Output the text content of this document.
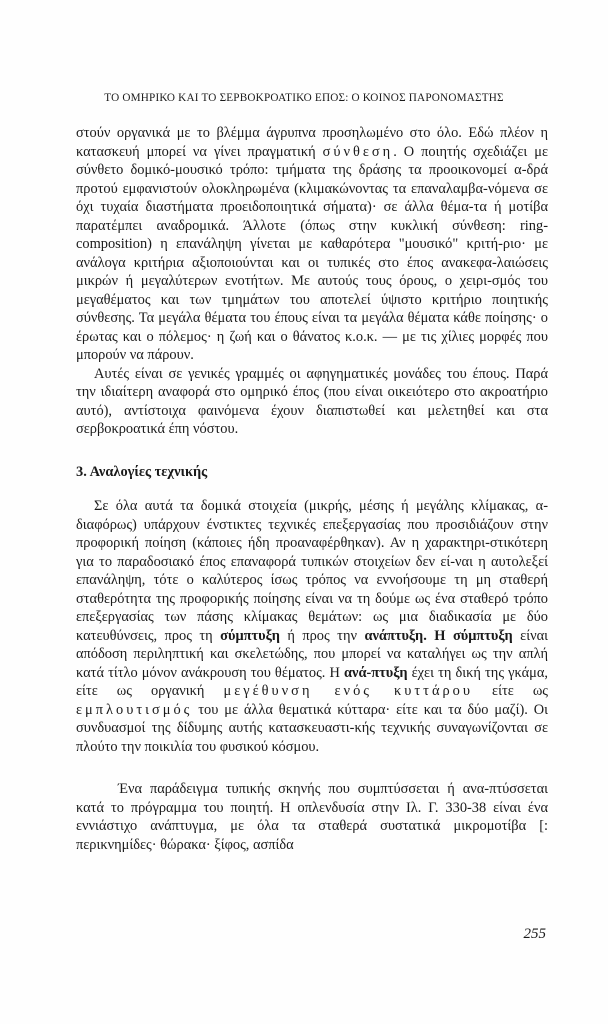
ΤΟ ΟΜΗΡΙΚΟ ΚΑΙ ΤΟ ΣΕΡΒΟΚΡΟΑΤΙΚΟ ΕΠΟΣ: Ο ΚΟΙΝΟΣ ΠΑΡΟΝΟΜΑΣΤΗΣ

στούν οργανικά με το βλέμμα άγρυπνα προσηλωμένο στο όλο. Εδώ πλέον η κατασκευή μπορεί να γίνει πραγματική σύνθεση. Ο ποιητής σχεδιάζει με σύνθετο δομικό-μουσικό τρόπο: τμήματα της δράσης τα προοικονομεί α-δρά προτού εμφανιστούν ολοκληρωμένα (κλιμακώνοντας τα επαναλαμβα-νόμενα σε όχι τυχαία διαστήματα προειδοποιητικά σήματα)· σε άλλα θέμα-τα ή μοτίβα παρατέμπει αναδρομικά. Άλλοτε (όπως στην κυκλική σύνθεση: ring- composition) η επανάληψη γίνεται με καθαρότερα "μουσικό" κριτή-ριο· με ανάλογα κριτήρια αξιοποιούνται και οι τυπικές στο έπος ανακεφα-λαιώσεις μικρών ή μεγαλύτερων ενοτήτων. Με αυτούς τους όρους, ο χειρι-σμός του μεγαθέματος και των τμημάτων του αποτελεί ύψιστο κριτήριο ποιητικής σύνθεσης. Τα μεγάλα θέματα του έπους είναι τα μεγάλα θέματα κάθε ποίησης· ο έρωτας και ο πόλεμος· η ζωή και ο θάνατος κ.ο.κ. — με τις χίλιες μορφές που μπορούν να πάρουν.

Αυτές είναι σε γενικές γραμμές οι αφηγηματικές μονάδες του έπους. Παρά την ιδιαίτερη αναφορά στο ομηρικό έπος (που είναι οικειότερο στο ακροατήριο αυτό), αντίστοιχα φαινόμενα έχουν διαπιστωθεί και μελετηθεί και στα σερβοκροατικά έπη νόστου.

3. Αναλογίες τεχνικής

Σε όλα αυτά τα δομικά στοιχεία (μικρής, μέσης ή μεγάλης κλίμακας, α-διαφόρως) υπάρχουν ένστικτες τεχνικές επεξεργασίας που προσιδιάζουν στην προφορική ποίηση (κάποιες ήδη προαναφέρθηκαν). Αν η χαρακτηρι-στικότερη για το παραδοσιακό έπος επαναφορά τυπικών στοιχείων δεν εί-ναι η αυτολεξεί επανάληψη, τότε ο καλύτερος ίσως τρόπος να εννοήσουμε τη μη σταθερή σταθερότητα της προφορικής ποίησης είναι να τη δούμε ως ένα σταθερό τρόπο επεξεργασίας των πάσης κλίμακας θεμάτων: ως μια διαδικασία με δύο κατευθύνσεις, προς τη σύμπτυξη ή προς την ανάπτυξη. Η σύμπτυξη είναι απόδοση περιληπτική και σκελετώδης, που μπορεί να καταλήγει ως την απλή κατά τίτλο μόνον ανάκρουση του θέματος. Η ανά-πτυξη έχει τη δική της γκάμα, είτε ως οργανική μεγέθυνση ενός κυττάρου είτε ως εμπλουτισμός του με άλλα θεματικά κύτταρα· είτε και τα δύο μαζί). Οι συνδυασμοί της δίδυμης αυτής κατασκευαστι-κής τεχνικής συναγωνίζονται σε πλούτο την ποικιλία του φυσικού κόσμου.

Ένα παράδειγμα τυπικής σκηνής που συμπτύσσεται ή ανα-πτύσσεται κατά το πρόγραμμα του ποιητή. Η οπλενδυσία στην Ιλ. Γ. 330-38 είναι ένα εννιάστιχο ανάπτυγμα, με όλα τα σταθερά συστατικά μικρομοτίβα [: περικνημίδες· θώρακα· ξίφος, ασπίδα

255
